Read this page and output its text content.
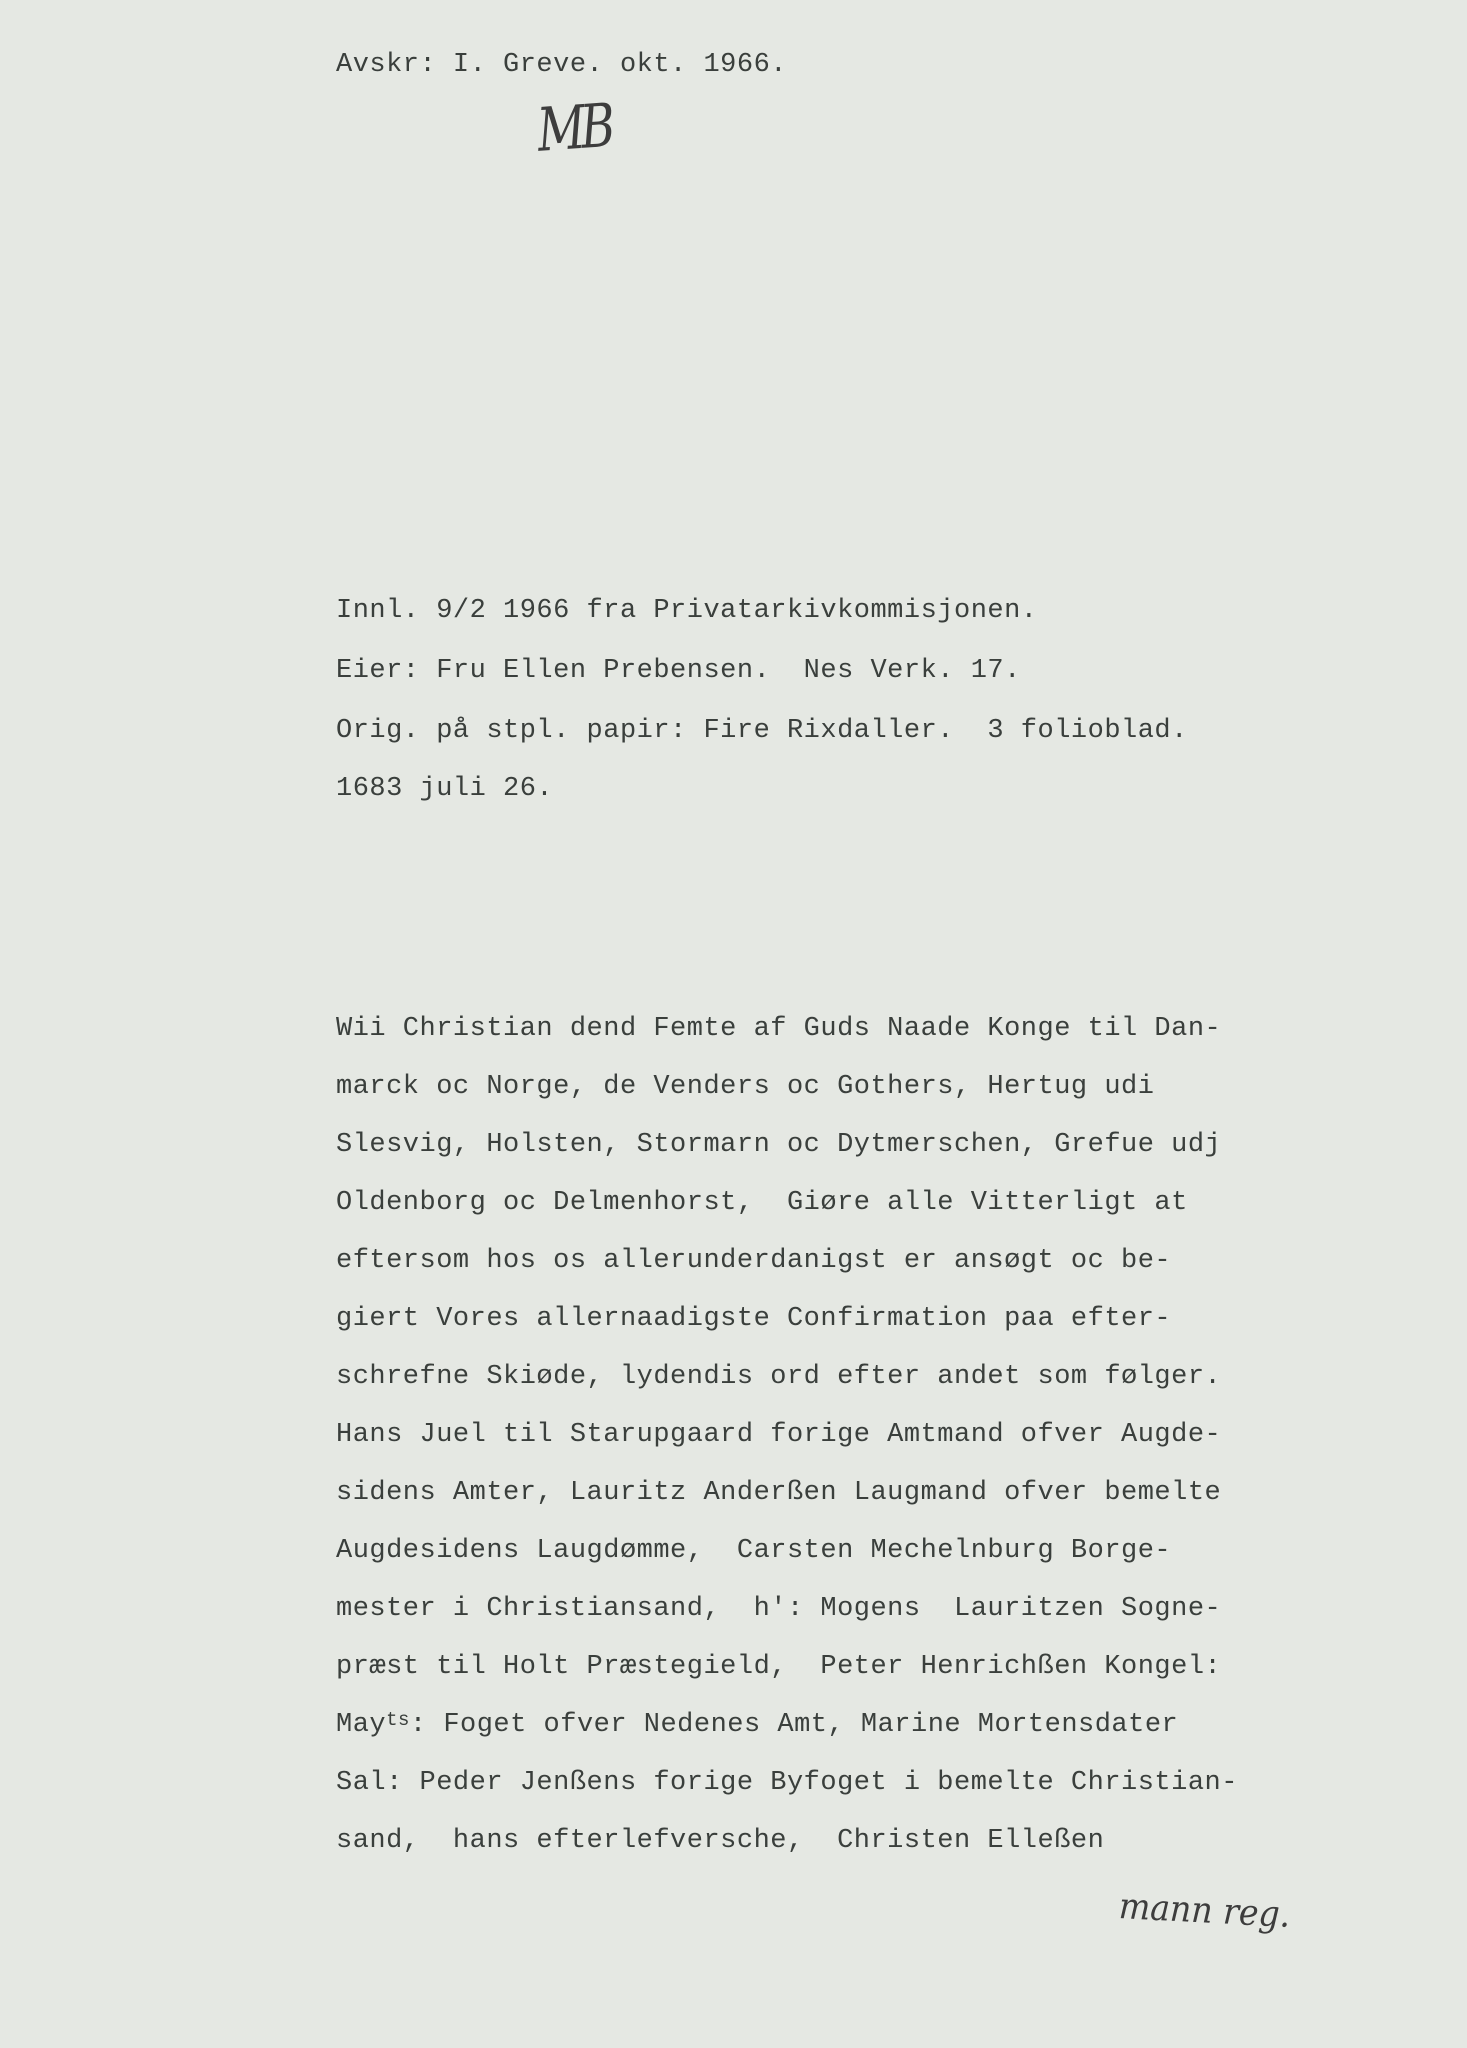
Avskr: I. Greve. okt. 1966.
MB
Innl. 9/2 1966 fra Privatarkivkommisjonen.
Eier: Fru Ellen Prebensen.  Nes Verk. 17.
Orig. på stpl. papir: Fire Rixdaller.  3 folioblad.
1683 juli 26.
Wii Christian dend Femte af Guds Naade Konge til Dan-
marck oc Norge, de Venders oc Gothers, Hertug udi
Slesvig, Holsten, Stormarn oc Dytmerschen, Grefue udj
Oldenborg oc Delmenhorst,  Giøre alle Vitterligt at
eftersom hos os allerunderdanigst er ansøgt oc be-
giert Vores allernaadigste Confirmation paa efter-
schrefne Skiøde, lydendis ord efter andet som følger.
Hans Juel til Starupgaard forige Amtmand ofver Augde-
sidens Amter, Lauritz Anderßen Laugmand ofver bemelte
Augdesidens Laugdømme,  Carsten Mechelnburg Borge-
mester i Christiansand,  h': Mogens  Lauritzen Sogne-
præst til Holt Præstegield,  Peter Henrichßen Kongel:
May$^{ts}$: Foget ofver Nedenes Amt, Marine Mortensdater
Sal: Peder Jenßens forige Byfoget i bemelte Christian-
sand,  hans efterlefversche,  Christen Elleßen
mann reg.
